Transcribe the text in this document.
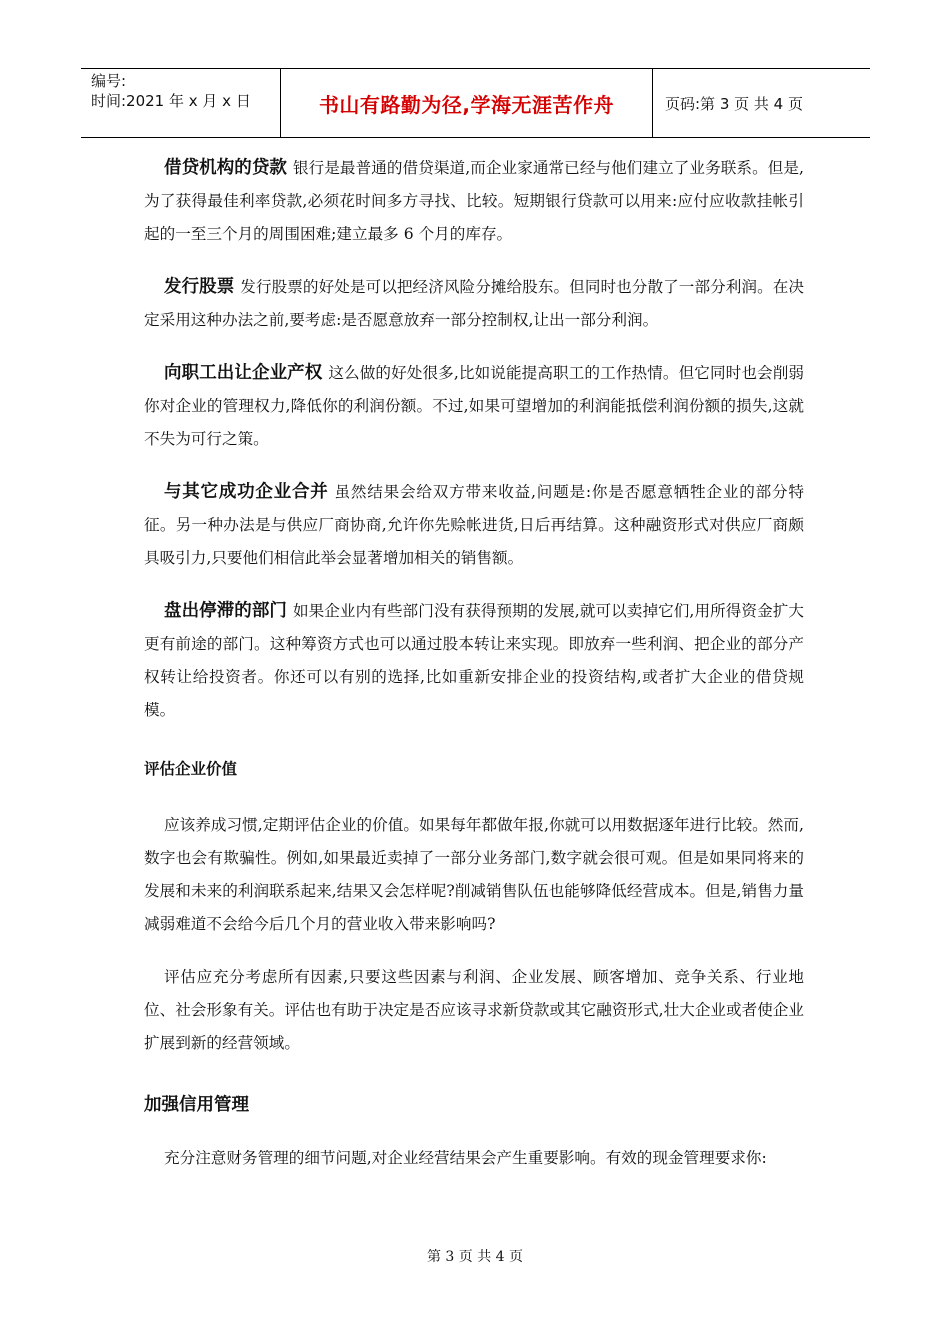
编号:
时间:2021 年 x 月 x 日	书山有路勤为径,学海无涯苦作舟	页码:第 3 页 共 4 页

借贷机构的贷款 银行是最普通的借贷渠道,而企业家通常已经与他们建立了业务联系。但是,为了获得最佳利率贷款,必须花时间多方寻找、比较。短期银行贷款可以用来:应付应收款挂帐引起的一至三个月的周围困难;建立最多 6 个月的库存。

发行股票 发行股票的好处是可以把经济风险分摊给股东。但同时也分散了一部分利润。在决定采用这种办法之前,要考虑:是否愿意放弃一部分控制权,让出一部分利润。

向职工出让企业产权 这么做的好处很多,比如说能提高职工的工作热情。但它同时也会削弱你对企业的管理权力,降低你的利润份额。不过,如果可望增加的利润能抵偿利润份额的损失,这就不失为可行之策。

与其它成功企业合并 虽然结果会给双方带来收益,问题是:你是否愿意牺牲企业的部分特征。另一种办法是与供应厂商协商,允许你先赊帐进货,日后再结算。这种融资形式对供应厂商颇具吸引力,只要他们相信此举会显著增加相关的销售额。

盘出停滞的部门 如果企业内有些部门没有获得预期的发展,就可以卖掉它们,用所得资金扩大更有前途的部门。这种筹资方式也可以通过股本转让来实现。即放弃一些利润、把企业的部分产权转让给投资者。你还可以有别的选择,比如重新安排企业的投资结构,或者扩大企业的借贷规模。

评估企业价值

应该养成习惯,定期评估企业的价值。如果每年都做年报,你就可以用数据逐年进行比较。然而,数字也会有欺骗性。例如,如果最近卖掉了一部分业务部门,数字就会很可观。但是如果同将来的发展和未来的利润联系起来,结果又会怎样呢?削减销售队伍也能够降低经营成本。但是,销售力量减弱难道不会给今后几个月的营业收入带来影响吗?

评估应充分考虑所有因素,只要这些因素与利润、企业发展、顾客增加、竞争关系、行业地位、社会形象有关。评估也有助于决定是否应该寻求新贷款或其它融资形式,壮大企业或者使企业扩展到新的经营领域。

加强信用管理

充分注意财务管理的细节问题,对企业经营结果会产生重要影响。有效的现金管理要求你:

第 3 页 共 4 页
